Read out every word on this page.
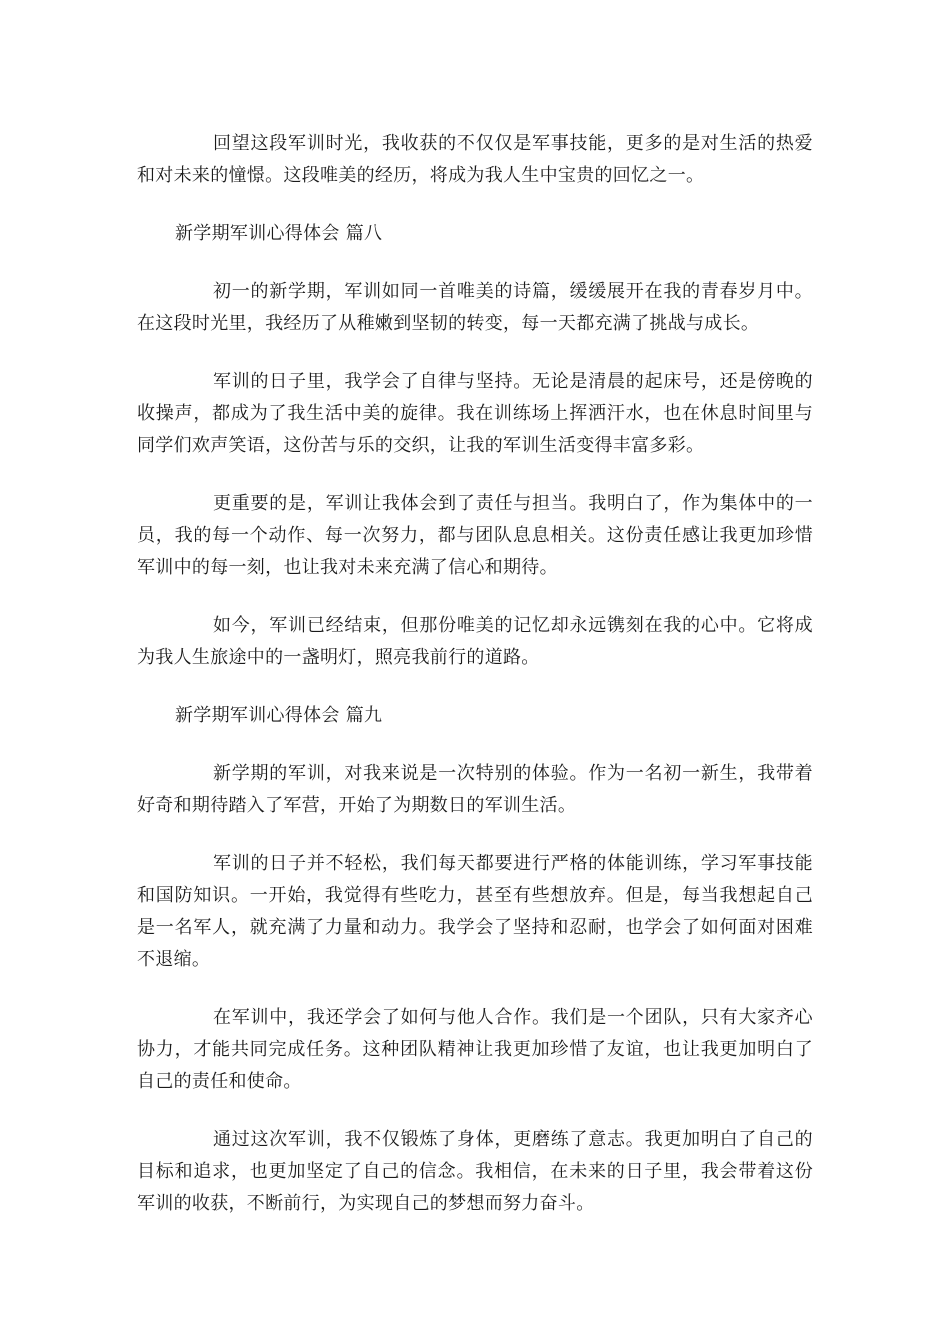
回望这段军训时光，我收获的不仅仅是军事技能，更多的是对生活的热爱和对未来的憧憬。这段唯美的经历，将成为我人生中宝贵的回忆之一。

新学期军训心得体会 篇八

初一的新学期，军训如同一首唯美的诗篇，缓缓展开在我的青春岁月中。在这段时光里，我经历了从稚嫩到坚韧的转变，每一天都充满了挑战与成长。

军训的日子里，我学会了自律与坚持。无论是清晨的起床号，还是傍晚的收操声，都成为了我生活中美的旋律。我在训练场上挥洒汗水，也在休息时间里与同学们欢声笑语，这份苦与乐的交织，让我的军训生活变得丰富多彩。

更重要的是，军训让我体会到了责任与担当。我明白了，作为集体中的一员，我的每一个动作、每一次努力，都与团队息息相关。这份责任感让我更加珍惜军训中的每一刻，也让我对未来充满了信心和期待。

如今，军训已经结束，但那份唯美的记忆却永远镌刻在我的心中。它将成为我人生旅途中的一盏明灯，照亮我前行的道路。

新学期军训心得体会 篇九

新学期的军训，对我来说是一次特别的体验。作为一名初一新生，我带着好奇和期待踏入了军营，开始了为期数日的军训生活。

军训的日子并不轻松，我们每天都要进行严格的体能训练，学习军事技能和国防知识。一开始，我觉得有些吃力，甚至有些想放弃。但是，每当我想起自己是一名军人，就充满了力量和动力。我学会了坚持和忍耐，也学会了如何面对困难不退缩。

在军训中，我还学会了如何与他人合作。我们是一个团队，只有大家齐心协力，才能共同完成任务。这种团队精神让我更加珍惜了友谊，也让我更加明白了自己的责任和使命。

通过这次军训，我不仅锻炼了身体，更磨练了意志。我更加明白了自己的目标和追求，也更加坚定了自己的信念。我相信，在未来的日子里，我会带着这份军训的收获，不断前行，为实现自己的梦想而努力奋斗。
